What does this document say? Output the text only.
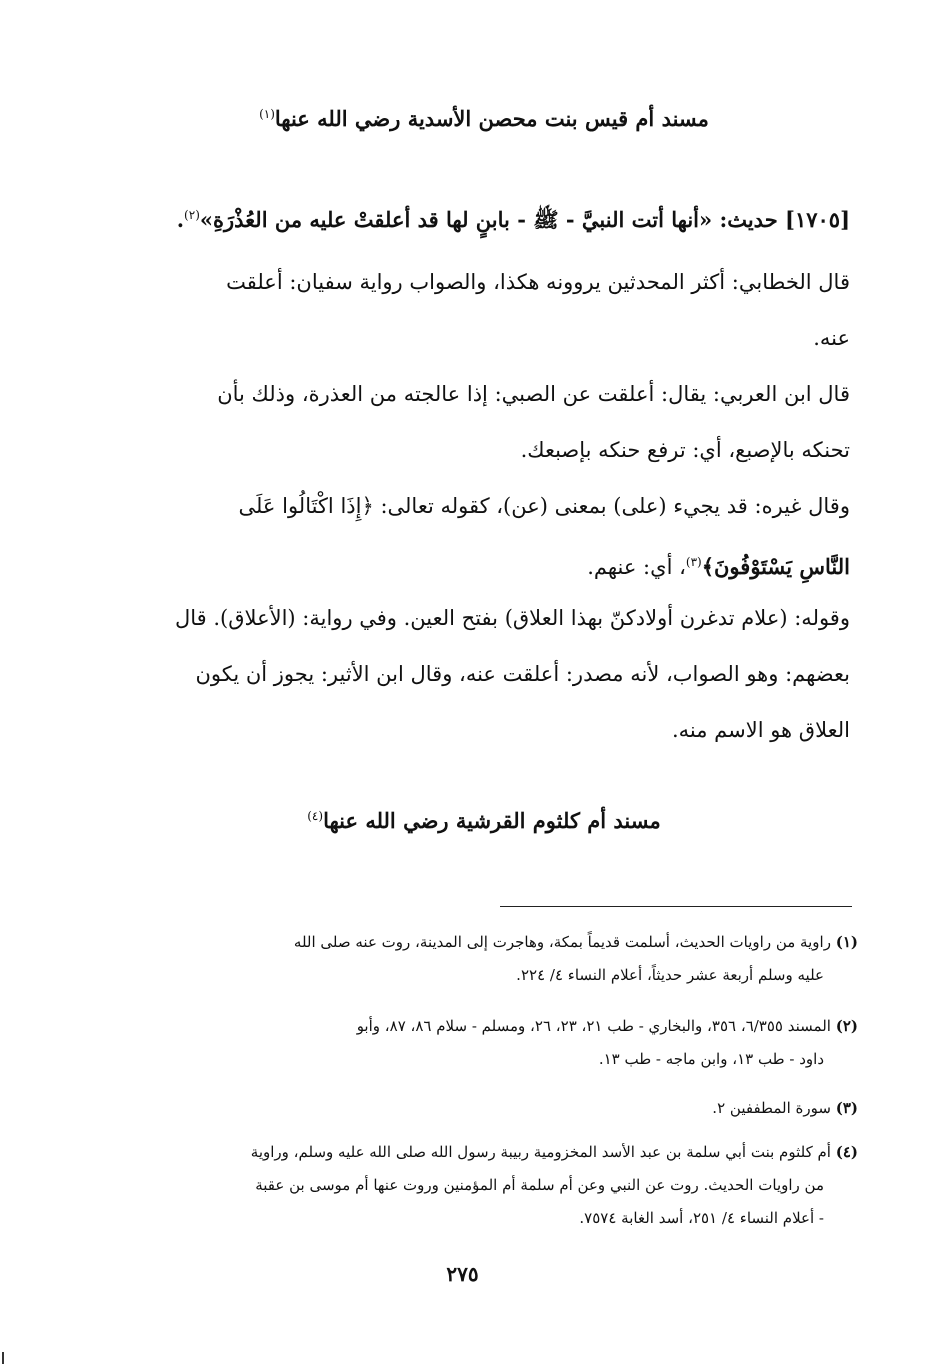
مسند أم قيس بنت محصن الأسدية رضي الله عنها$^{(١)}$

[١٧٠٥] حديث: «أنها أتت النبيَّ - ﷺ - بابنٍ لها قد أعلقتْ عليه من العُذْرَةِ»$^{(٢)}$.

قال الخطابي: أكثر المحدثين يروونه هكذا، والصواب رواية سفيان: أعلقت
عنه.

قال ابن العربي: يقال: أعلقت عن الصبي: إذا عالجته من العذرة، وذلك بأن
تحنكه بالإصبع، أي: ترفع حنكه بإصبعك.

وقال غيره: قد يجيء (على) بمعنى (عن)، كقوله تعالى: ﴿إِذَا اكْتَالُوا عَلَى
النَّاسِ يَسْتَوْفُونَ﴾$^{(٣)}$، أي: عنهم.

وقوله: (علام تدغرن أولادكنّ بهذا العلاق) بفتح العين. وفي رواية: (الأعلاق). قال
بعضهم: وهو الصواب، لأنه مصدر: أعلقت عنه، وقال ابن الأثير: يجوز أن يكون
العلاق هو الاسم منه.

مسند أم كلثوم القرشية رضي الله عنها$^{(٤)}$
(١) راوية من راويات الحديث، أسلمت قديماً بمكة، وهاجرت إلى المدينة، روت عنه صلى الله
عليه وسلم أربعة عشر حديثاً، أعلام النساء ٤/ ٢٢٤.
(٢) المسند ٦/٣٥٥، ٣٥٦، والبخاري - طب ٢١، ٢٣، ٢٦، ومسلم - سلام ٨٦، ٨٧، وأبو
داود - طب ١٣، وابن ماجه - طب ١٣.
(٣) سورة المطففين ٢.
(٤) أم كلثوم بنت أبي سلمة بن عبد الأسد المخزومية ربيبة رسول الله صلى الله عليه وسلم، وراوية
من راويات الحديث. روت عن النبي وعن أم سلمة أم المؤمنين وروت عنها أم موسى بن عقبة
- أعلام النساء ٤/ ٢٥١، أسد الغابة ٧٥٧٤.
٢٧٥
